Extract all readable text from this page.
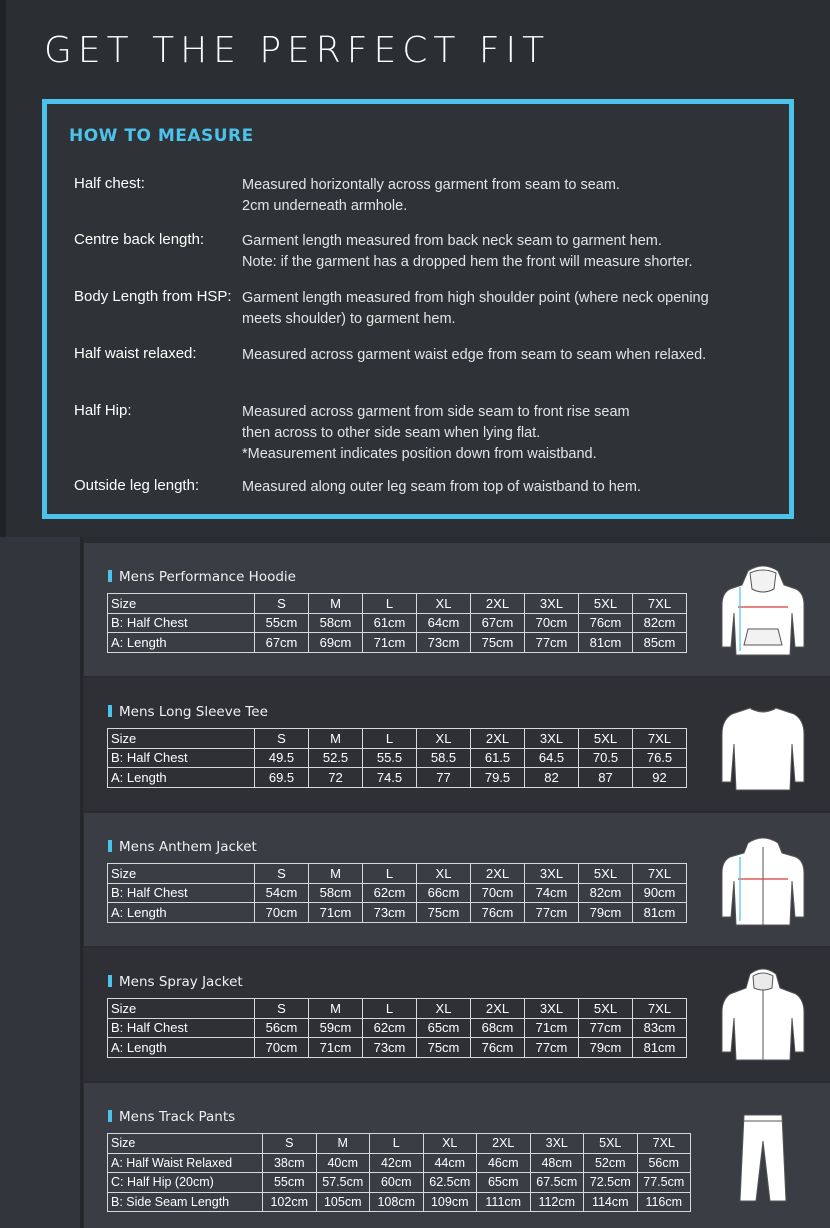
GET THE PERFECT FIT
HOW TO MEASURE
Half chest:	Measured horizontally across garment from seam to seam.
2cm underneath armhole.
Centre back length:	Garment length measured from back neck seam to garment hem.
Note: if the garment has a dropped hem the front will measure shorter.
Body Length from HSP: Garment length measured from high shoulder point (where neck opening
meets shoulder) to garment hem.
Half waist relaxed:	Measured across garment waist edge from seam to seam when relaxed.
Half Hip:	Measured across garment from side seam to front rise seam
then across to other side seam when lying flat.
*Measurement indicates position down from waistband.
Outside leg length:	Measured along outer leg seam from top of waistband to hem.
Mens Performance Hoodie
Size	S	M	L	XL	2XL	3XL	5XL	7XL
B: Half Chest	55cm	58cm	61cm	64cm	67cm	70cm	76cm	82cm
A: Length	67cm	69cm	71cm	73cm	75cm	77cm	81cm	85cm
Mens Long Sleeve Tee
Size	S	M	L	XL	2XL	3XL	5XL	7XL
B: Half Chest	49.5	52.5	55.5	58.5	61.5	64.5	70.5	76.5
A: Length	69.5	72	74.5	77	79.5	82	87	92
Mens Anthem Jacket
Size	S	M	L	XL	2XL	3XL	5XL	7XL
B: Half Chest	54cm	58cm	62cm	66cm	70cm	74cm	82cm	90cm
A: Length	70cm	71cm	73cm	75cm	76cm	77cm	79cm	81cm
Mens Spray Jacket
Size	S	M	L	XL	2XL	3XL	5XL	7XL
B: Half Chest	56cm	59cm	62cm	65cm	68cm	71cm	77cm	83cm
A: Length	70cm	71cm	73cm	75cm	76cm	77cm	79cm	81cm
Mens Track Pants
Size	S	M	L	XL	2XL	3XL	5XL	7XL
A: Half Waist Relaxed	38cm	40cm	42cm	44cm	46cm	48cm	52cm	56cm
C: Half Hip (20cm)	55cm	57.5cm	60cm	62.5cm	65cm	67.5cm	72.5cm	77.5cm
B: Side Seam Length	102cm	105cm	108cm	109cm	111cm	112cm	114cm	116cm
